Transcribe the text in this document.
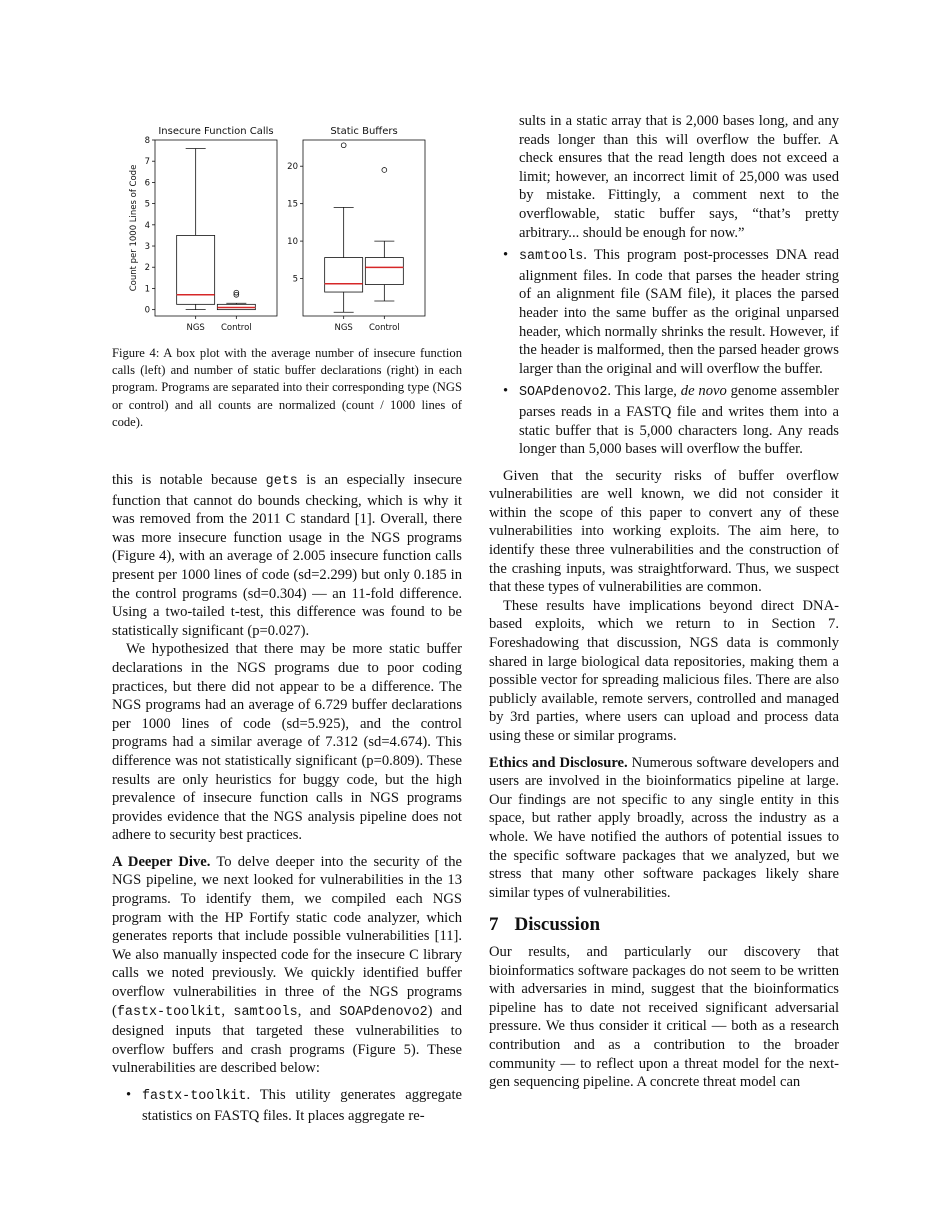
Insecure Function Calls
0
1
2
3
4
5
6
7
8
Count per 1000 Lines of Code
NGS Control
Static Buffers
5
10
15
20
NGS Control
Figure 4: A box plot with the average number of insecure function calls (left) and number of static buffer declarations (right) in each program. Programs are separated into their corresponding type (NGS or control) and all counts are normalized (count / 1000 lines of code).

this is notable because gets is an especially insecure function that cannot do bounds checking, which is why it was removed from the 2011 C standard [1]. Overall, there was more insecure function usage in the NGS programs (Figure 4), with an average of 2.005 insecure function calls present per 1000 lines of code (sd=2.299) but only 0.185 in the control programs (sd=0.304) — an 11-fold difference. Using a two-tailed t-test, this difference was found to be statistically significant (p=0.027).

We hypothesized that there may be more static buffer declarations in the NGS programs due to poor coding practices, but there did not appear to be a difference. The NGS programs had an average of 6.729 buffer declarations per 1000 lines of code (sd=5.925), and the control programs had a similar average of 7.312 (sd=4.674). This difference was not statistically significant (p=0.809). These results are only heuristics for buggy code, but the high prevalence of insecure function calls in NGS programs provides evidence that the NGS analysis pipeline does not adhere to security best practices.

A Deeper Dive. To delve deeper into the security of the NGS pipeline, we next looked for vulnerabilities in the 13 programs. To identify them, we compiled each NGS program with the HP Fortify static code analyzer, which generates reports that include possible vulnerabilities [11]. We also manually inspected code for the insecure C library calls we noted previously. We quickly identified buffer overflow vulnerabilities in three of the NGS programs (fastx-toolkit, samtools, and SOAPdenovo2) and designed inputs that targeted these vulnerabilities to overflow buffers and crash programs (Figure 5). These vulnerabilities are described below:

• fastx-toolkit. This utility generates aggregate statistics on FASTQ files. It places aggregate re-
sults in a static array that is 2,000 bases long, and any reads longer than this will overflow the buffer. A check ensures that the read length does not exceed a limit; however, an incorrect limit of 25,000 was used by mistake. Fittingly, a comment next to the overflowable, static buffer says, “that’s pretty arbitrary... should be enough for now.”
• samtools. This program post-processes DNA read alignment files. In code that parses the header string of an alignment file (SAM file), it places the parsed header into the same buffer as the original unparsed header, which normally shrinks the result. However, if the header is malformed, then the parsed header grows larger than the original and will overflow the buffer.
• SOAPdenovo2. This large, de novo genome assembler parses reads in a FASTQ file and writes them into a static buffer that is 5,000 characters long. Any reads longer than 5,000 bases will overflow the buffer.

Given that the security risks of buffer overflow vulnerabilities are well known, we did not consider it within the scope of this paper to convert any of these vulnerabilities into working exploits. The aim here, to identify these three vulnerabilities and the construction of the crashing inputs, was straightforward. Thus, we suspect that these types of vulnerabilities are common.

These results have implications beyond direct DNA-based exploits, which we return to in Section 7. Foreshadowing that discussion, NGS data is commonly shared in large biological data repositories, making them a possible vector for spreading malicious files. There are also publicly available, remote servers, controlled and managed by 3rd parties, where users can upload and process data using these or similar programs.

Ethics and Disclosure. Numerous software developers and users are involved in the bioinformatics pipeline at large. Our findings are not specific to any single entity in this space, but rather apply broadly, across the industry as a whole. We have notified the authors of potential issues to the specific software packages that we analyzed, but we stress that many other software packages likely share similar types of vulnerabilities.

7 Discussion

Our results, and particularly our discovery that bioinformatics software packages do not seem to be written with adversaries in mind, suggest that the bioinformatics pipeline has to date not received significant adversarial pressure. We thus consider it critical — both as a research contribution and as a contribution to the broader community — to reflect upon a threat model for the next-gen sequencing pipeline. A concrete threat model can
